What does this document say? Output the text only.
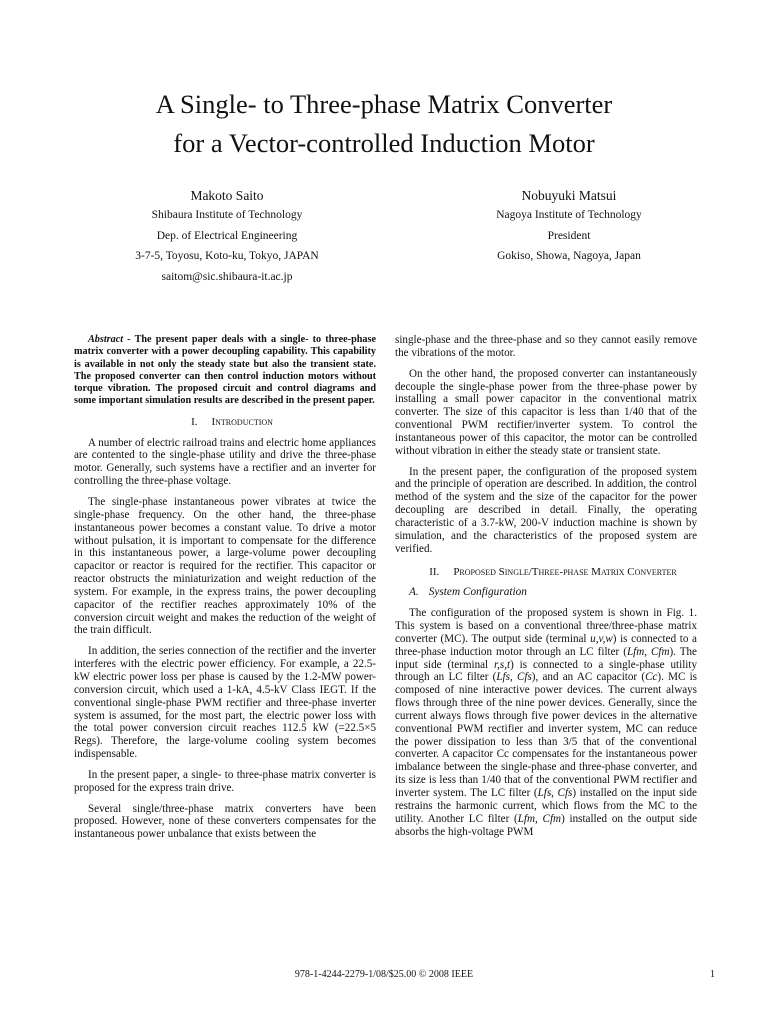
A Single- to Three-phase Matrix Converter
for a Vector-controlled Induction Motor
Makoto Saito
Shibaura Institute of Technology
Dep. of Electrical Engineering
3-7-5, Toyosu, Koto-ku, Tokyo, JAPAN
saitom@sic.shibaura-it.ac.jp
Nobuyuki Matsui
Nagoya Institute of Technology
President
Gokiso, Showa, Nagoya, Japan

Abstract - The present paper deals with a single- to three-phase matrix converter with a power decoupling capability. This capability is available in not only the steady state but also the transient state. The proposed converter can then control induction motors without torque vibration. The proposed circuit and control diagrams and some important simulation results are described in the present paper.

I. Introduction

A number of electric railroad trains and electric home appliances are contented to the single-phase utility and drive the three-phase motor. Generally, such systems have a rectifier and an inverter for controlling the three-phase voltage.

The single-phase instantaneous power vibrates at twice the single-phase frequency. On the other hand, the three-phase instantaneous power becomes a constant value. To drive a motor without pulsation, it is important to compensate for the difference in this instantaneous power, a large-volume power decoupling capacitor or reactor is required for the rectifier. This capacitor or reactor obstructs the miniaturization and weight reduction of the system. For example, in the express trains, the power decoupling capacitor of the rectifier reaches approximately 10% of the conversion circuit weight and makes the reduction of the weight of the train difficult.

In addition, the series connection of the rectifier and the inverter interferes with the electric power efficiency. For example, a 22.5-kW electric power loss per phase is caused by the 1.2-MW power-conversion circuit, which used a 1-kA, 4.5-kV Class IEGT. If the conventional single-phase PWM rectifier and three-phase inverter system is assumed, for the most part, the electric power loss with the total power conversion circuit reaches 112.5 kW (=22.5×5 Regs). Therefore, the large-volume cooling system becomes indispensable.

In the present paper, a single- to three-phase matrix converter is proposed for the express train drive.

Several single/three-phase matrix converters have been proposed. However, none of these converters compensates for the instantaneous power unbalance that exists between the

single-phase and the three-phase and so they cannot easily remove the vibrations of the motor.

On the other hand, the proposed converter can instantaneously decouple the single-phase power from the three-phase power by installing a small power capacitor in the conventional matrix converter. The size of this capacitor is less than 1/40 that of the conventional PWM rectifier/inverter system. To control the instantaneous power of this capacitor, the motor can be controlled without vibration in either the steady state or transient state.

In the present paper, the configuration of the proposed system and the principle of operation are described. In addition, the control method of the system and the size of the capacitor for the power decoupling are described in detail. Finally, the operating characteristic of a 3.7-kW, 200-V induction machine is shown by simulation, and the characteristics of the proposed system are verified.

II. Proposed Single/Three-phase Matrix Converter

A. System Configuration

The configuration of the proposed system is shown in Fig. 1. This system is based on a conventional three/three-phase matrix converter (MC). The output side (terminal u,v,w) is connected to a three-phase induction motor through an LC filter (Lfm, Cfm). The input side (terminal r,s,t) is connected to a single-phase utility through an LC filter (Lfs, Cfs), and an AC capacitor (Cc). MC is composed of nine interactive power devices. The current always flows through three of the nine power devices. Generally, since the current always flows through five power devices in the alternative conventional PWM rectifier and inverter system, MC can reduce the power dissipation to less than 3/5 that of the conventional converter. A capacitor Cc compensates for the instantaneous power imbalance between the single-phase and three-phase converter, and its size is less than 1/40 that of the conventional PWM rectifier and inverter system. The LC filter (Lfs, Cfs) installed on the input side restrains the harmonic current, which flows from the MC to the utility. Another LC filter (Lfm, Cfm) installed on the output side absorbs the high-voltage PWM

978-1-4244-2279-1/08/$25.00 © 2008 IEEE	1
